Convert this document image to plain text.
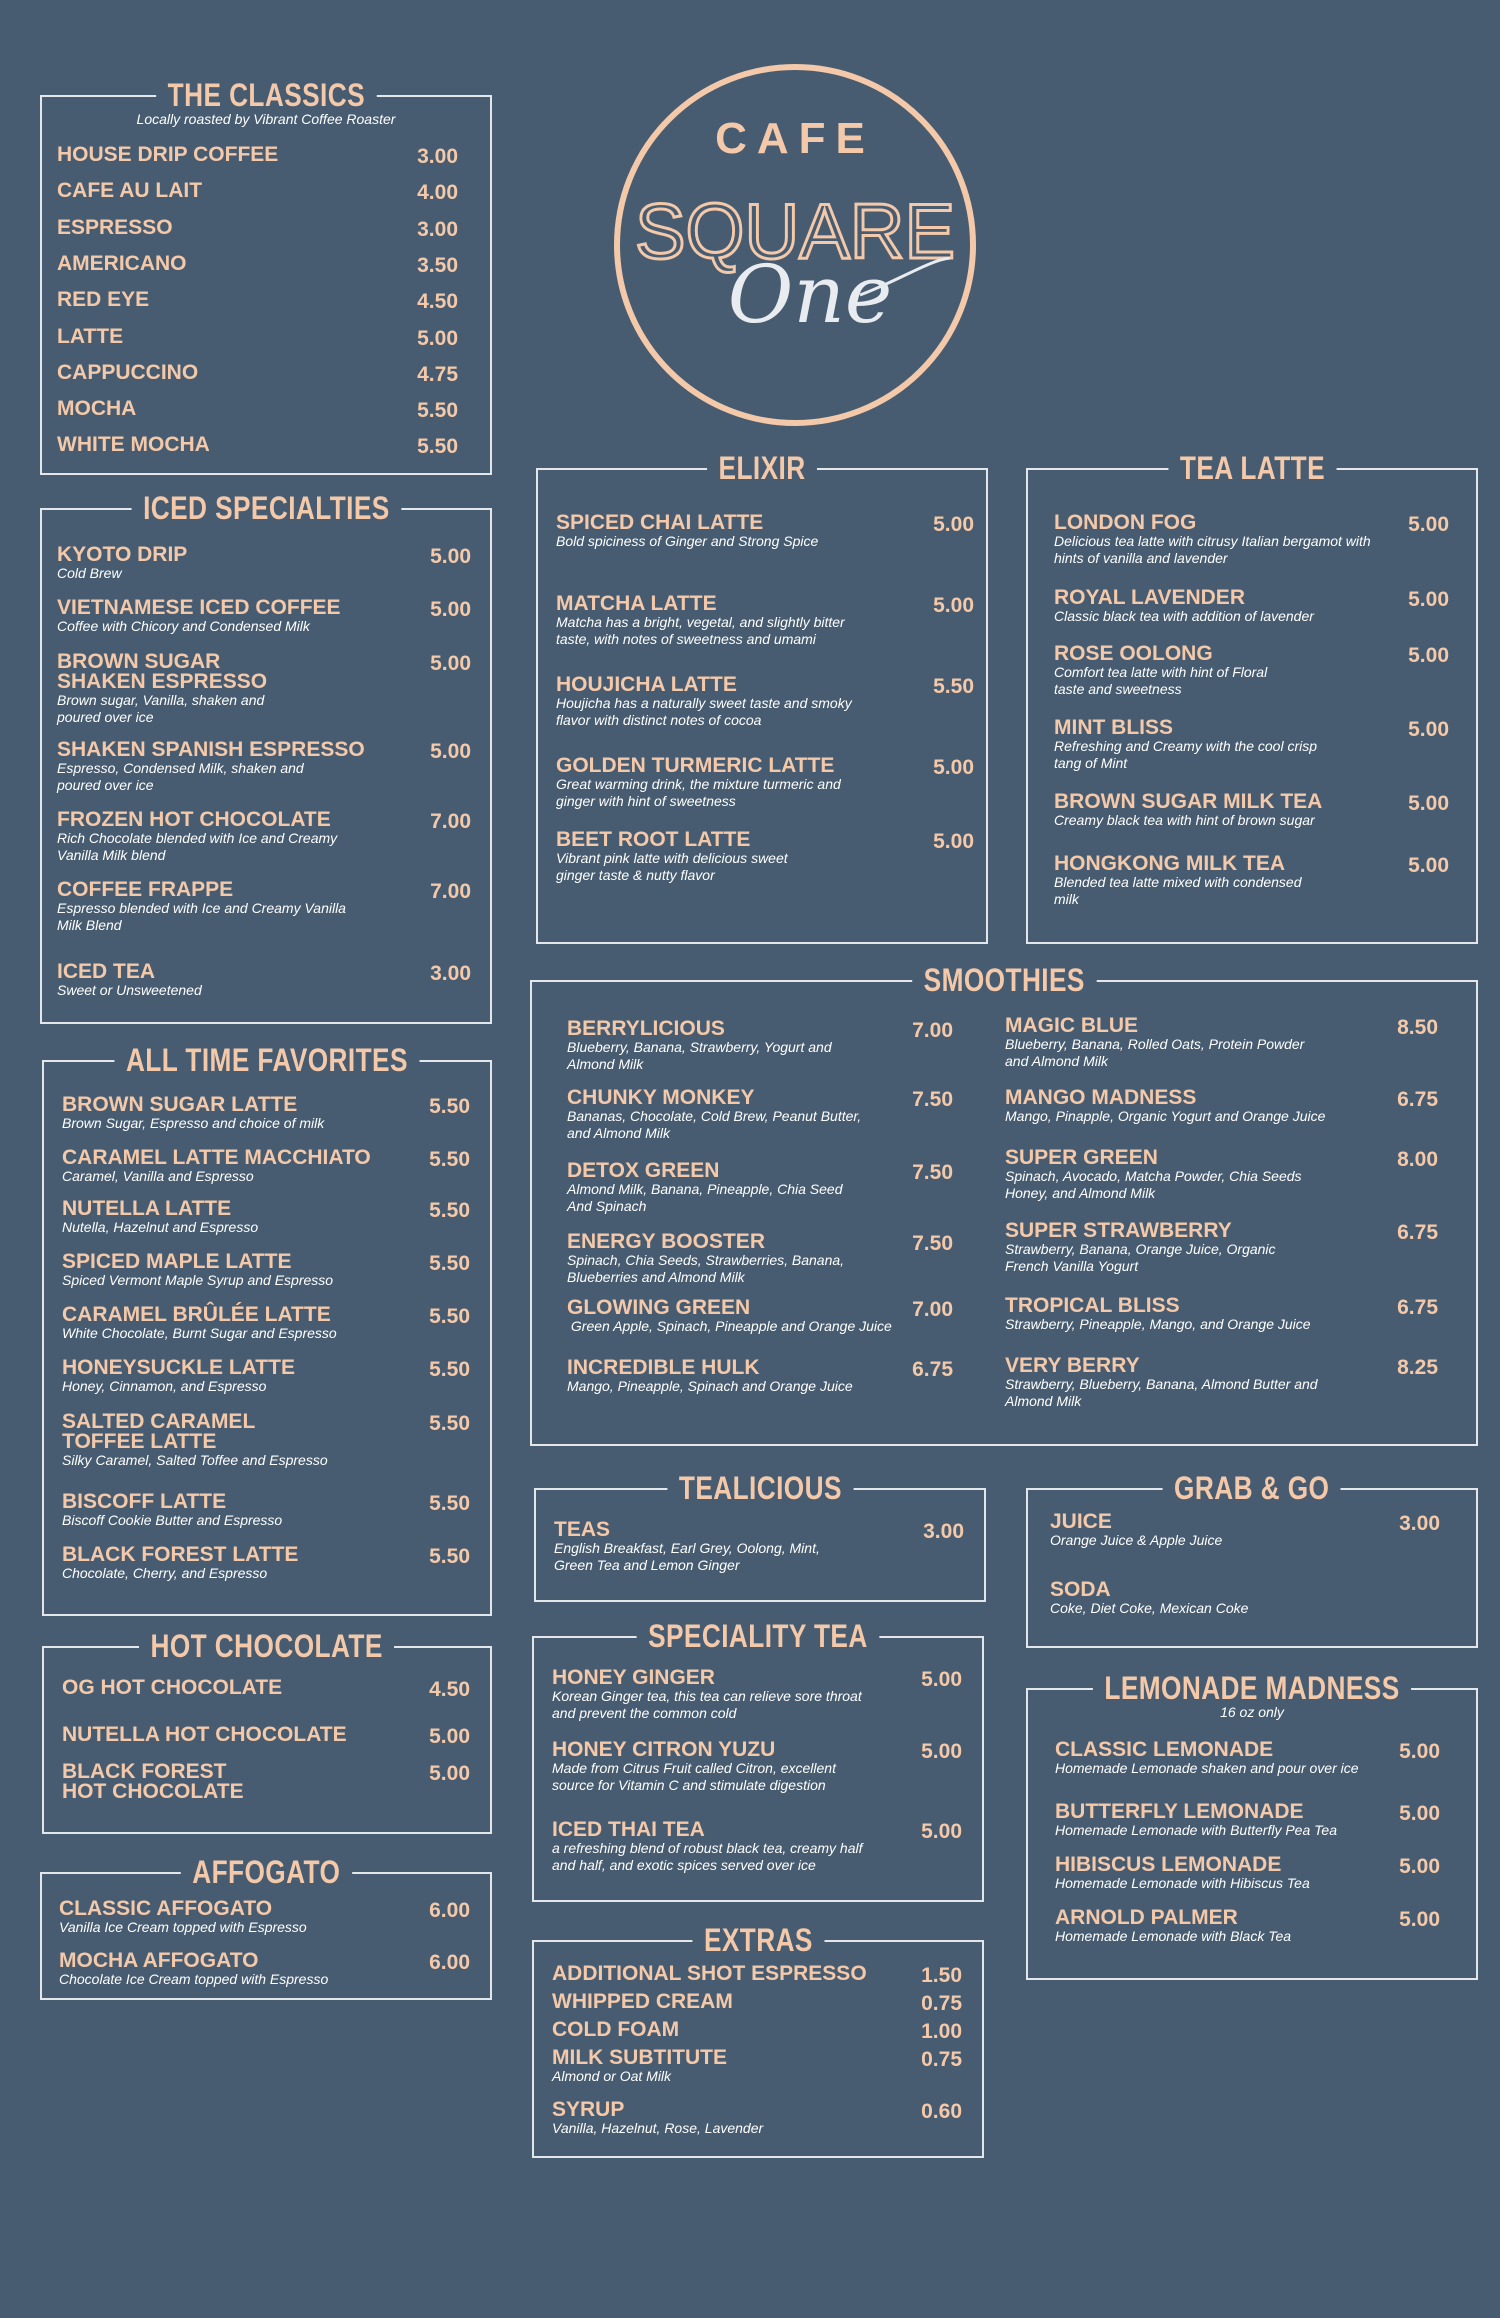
CAFE
SQUARE
One
THE CLASSICS
Locally roasted by Vibrant Coffee Roaster
HOUSE DRIP COFFEE	3.00
CAFE AU LAIT	4.00
ESPRESSO	3.00
AMERICANO	3.50
RED EYE	4.50
LATTE	5.00
CAPPUCCINO	4.75
MOCHA	5.50
WHITE MOCHA	5.50
ICED SPECIALTIES
KYOTO DRIP
Cold Brew
5.00
VIETNAMESE ICED COFFEE
Coffee with Chicory and Condensed Milk
5.00
BROWN SUGAR
SHAKEN ESPRESSO
Brown sugar, Vanilla, shaken and
poured over ice
5.00
SHAKEN SPANISH ESPRESSO
Espresso, Condensed Milk, shaken and
poured over ice
5.00
FROZEN HOT CHOCOLATE
Rich Chocolate blended with Ice and Creamy
Vanilla Milk blend
7.00
COFFEE FRAPPE
Espresso blended with Ice and Creamy Vanilla
Milk Blend
7.00
ICED TEA
Sweet or Unsweetened
3.00
ALL TIME FAVORITES
BROWN SUGAR LATTE
Brown Sugar, Espresso and choice of milk
5.50
CARAMEL LATTE MACCHIATO
Caramel, Vanilla and Espresso
5.50
NUTELLA LATTE
Nutella, Hazelnut and Espresso
5.50
SPICED MAPLE LATTE
Spiced Vermont Maple Syrup and Espresso
5.50
CARAMEL BRÛLÉE LATTE
White Chocolate, Burnt Sugar and Espresso
5.50
HONEYSUCKLE LATTE
Honey, Cinnamon, and Espresso
5.50
SALTED CARAMEL
TOFFEE LATTE
Silky Caramel, Salted Toffee and Espresso
5.50
BISCOFF LATTE
Biscoff Cookie Butter and Espresso
5.50
BLACK FOREST LATTE
Chocolate, Cherry, and Espresso
5.50
HOT CHOCOLATE
OG HOT CHOCOLATE	4.50
NUTELLA HOT CHOCOLATE	5.00
BLACK FOREST
HOT CHOCOLATE
5.00
AFFOGATO
CLASSIC AFFOGATO
Vanilla Ice Cream topped with Espresso
6.00
MOCHA AFFOGATO
Chocolate Ice Cream topped with Espresso
6.00
ELIXIR
SPICED CHAI LATTE
Bold spiciness of Ginger and Strong Spice
5.00
MATCHA LATTE
Matcha has a bright, vegetal, and slightly bitter
taste, with notes of sweetness and umami
5.00
HOUJICHA LATTE
Houjicha has a naturally sweet taste and smoky
flavor with distinct notes of cocoa
5.50
GOLDEN TURMERIC LATTE
Great warming drink, the mixture turmeric and
ginger with hint of sweetness
5.00
BEET ROOT LATTE
Vibrant pink latte with delicious sweet
ginger taste & nutty flavor
5.00
TEA LATTE
LONDON FOG
Delicious tea latte with citrusy Italian bergamot with
hints of vanilla and lavender
5.00
ROYAL LAVENDER
Classic black tea with addition of lavender
5.00
ROSE OOLONG
Comfort tea latte with hint of Floral
taste and sweetness
5.00
MINT BLISS
Refreshing and Creamy with the cool crisp
tang of Mint
5.00
BROWN SUGAR MILK TEA
Creamy black tea with hint of brown sugar
5.00
HONGKONG MILK TEA
Blended tea latte mixed with condensed
milk
5.00
SMOOTHIES
BERRYLICIOUS
Blueberry, Banana, Strawberry, Yogurt and
Almond Milk
7.00
CHUNKY MONKEY
Bananas, Chocolate, Cold Brew, Peanut Butter,
and Almond Milk
7.50
DETOX GREEN
Almond Milk, Banana, Pineapple, Chia Seed
And Spinach
7.50
ENERGY BOOSTER
Spinach, Chia Seeds, Strawberries, Banana,
Blueberries and Almond Milk
7.50
GLOWING GREEN
Green Apple, Spinach, Pineapple and Orange Juice
7.00
INCREDIBLE HULK
Mango, Pineapple, Spinach and Orange Juice
6.75
MAGIC BLUE
Blueberry, Banana, Rolled Oats, Protein Powder
and Almond Milk
8.50
MANGO MADNESS
Mango, Pinapple, Organic Yogurt and Orange Juice
6.75
SUPER GREEN
Spinach, Avocado, Matcha Powder, Chia Seeds
Honey, and Almond Milk
8.00
SUPER STRAWBERRY
Strawberry, Banana, Orange Juice, Organic
French Vanilla Yogurt
6.75
TROPICAL BLISS
Strawberry, Pineapple, Mango, and Orange Juice
6.75
VERY BERRY
Strawberry, Blueberry, Banana, Almond Butter and
Almond Milk
8.25
TEALICIOUS
TEAS
English Breakfast, Earl Grey, Oolong, Mint,
Green Tea and Lemon Ginger
3.00
SPECIALITY TEA
HONEY GINGER
Korean Ginger tea, this tea can relieve sore throat
and prevent the common cold
5.00
HONEY CITRON YUZU
Made from Citrus Fruit called Citron, excellent
source for Vitamin C and stimulate digestion
5.00
ICED THAI TEA
a refreshing blend of robust black tea, creamy half
and half, and exotic spices served over ice
5.00
EXTRAS
ADDITIONAL SHOT ESPRESSO	1.50
WHIPPED CREAM	0.75
COLD FOAM	1.00
MILK SUBTITUTE
Almond or Oat Milk
0.75
SYRUP
Vanilla, Hazelnut, Rose, Lavender
0.60
GRAB & GO
JUICE
Orange Juice & Apple Juice
3.00
SODA
Coke, Diet Coke, Mexican Coke
LEMONADE MADNESS
16 oz only
CLASSIC LEMONADE
Homemade Lemonade shaken and pour over ice
5.00
BUTTERFLY LEMONADE
Homemade Lemonade with Butterfly Pea Tea
5.00
HIBISCUS LEMONADE
Homemade Lemonade with Hibiscus Tea
5.00
ARNOLD PALMER
Homemade Lemonade with Black Tea
5.00
